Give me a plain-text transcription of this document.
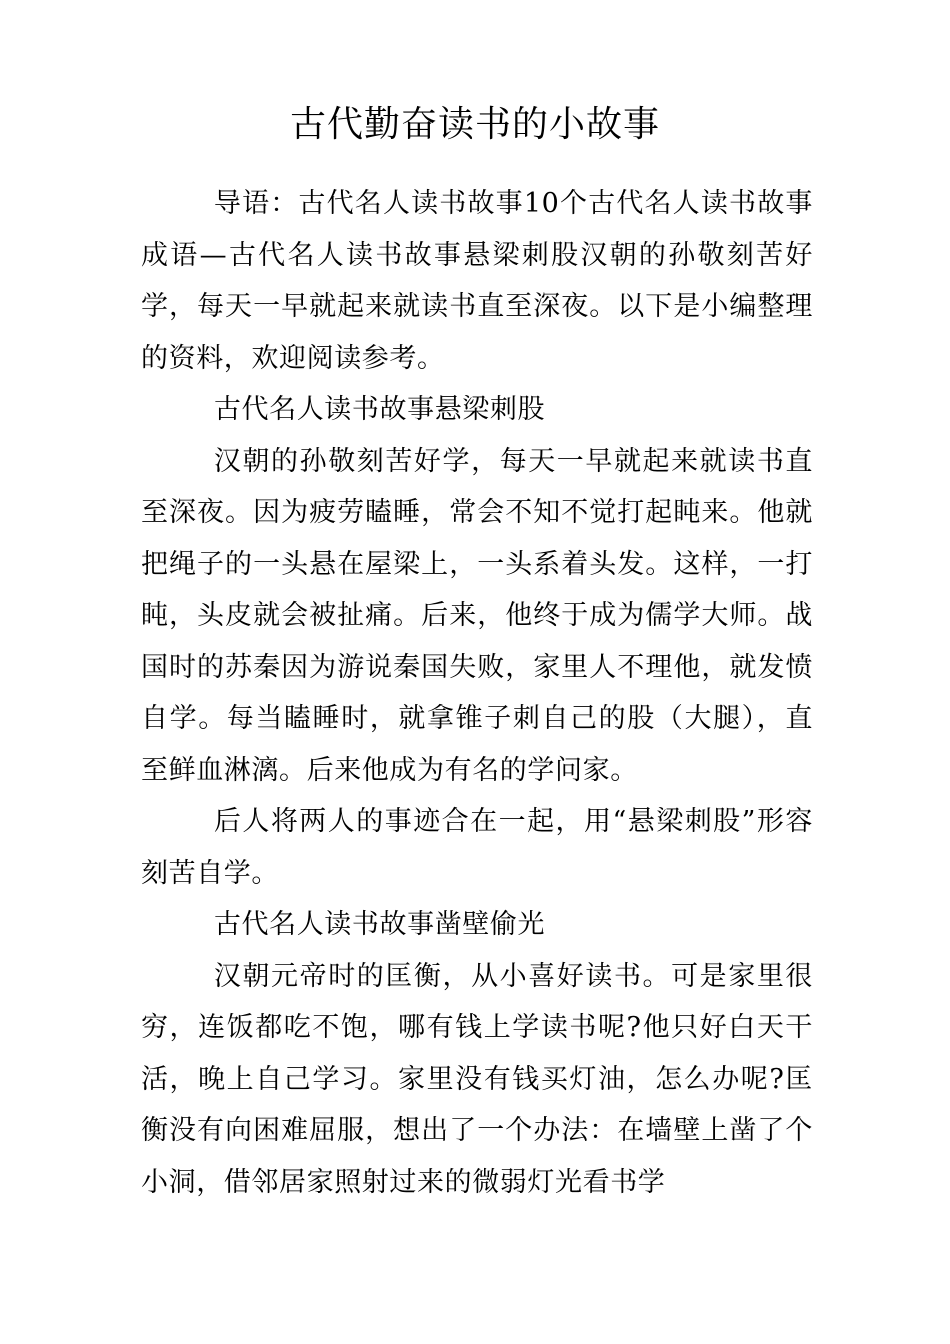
古代勤奋读书的小故事

导语：古代名人读书故事10个古代名人读书故事成语—古代名人读书故事悬梁刺股汉朝的孙敬刻苦好学，每天一早就起来就读书直至深夜。以下是小编整理的资料，欢迎阅读参考。

古代名人读书故事悬梁刺股

汉朝的孙敬刻苦好学，每天一早就起来就读书直至深夜。因为疲劳瞌睡，常会不知不觉打起盹来。他就把绳子的一头悬在屋梁上，一头系着头发。这样，一打盹，头皮就会被扯痛。后来，他终于成为儒学大师。战国时的苏秦因为游说秦国失败，家里人不理他，就发愤自学。每当瞌睡时，就拿锥子刺自己的股（大腿），直至鲜血淋漓。后来他成为有名的学问家。

后人将两人的事迹合在一起，用“悬梁刺股”形容刻苦自学。

古代名人读书故事凿壁偷光

汉朝元帝时的匡衡，从小喜好读书。可是家里很穷，连饭都吃不饱，哪有钱上学读书呢?他只好白天干活，晚上自己学习。家里没有钱买灯油，怎么办呢?匡衡没有向困难屈服，想出了一个办法：在墙壁上凿了个小洞，借邻居家照射过来的微弱灯光看书学
